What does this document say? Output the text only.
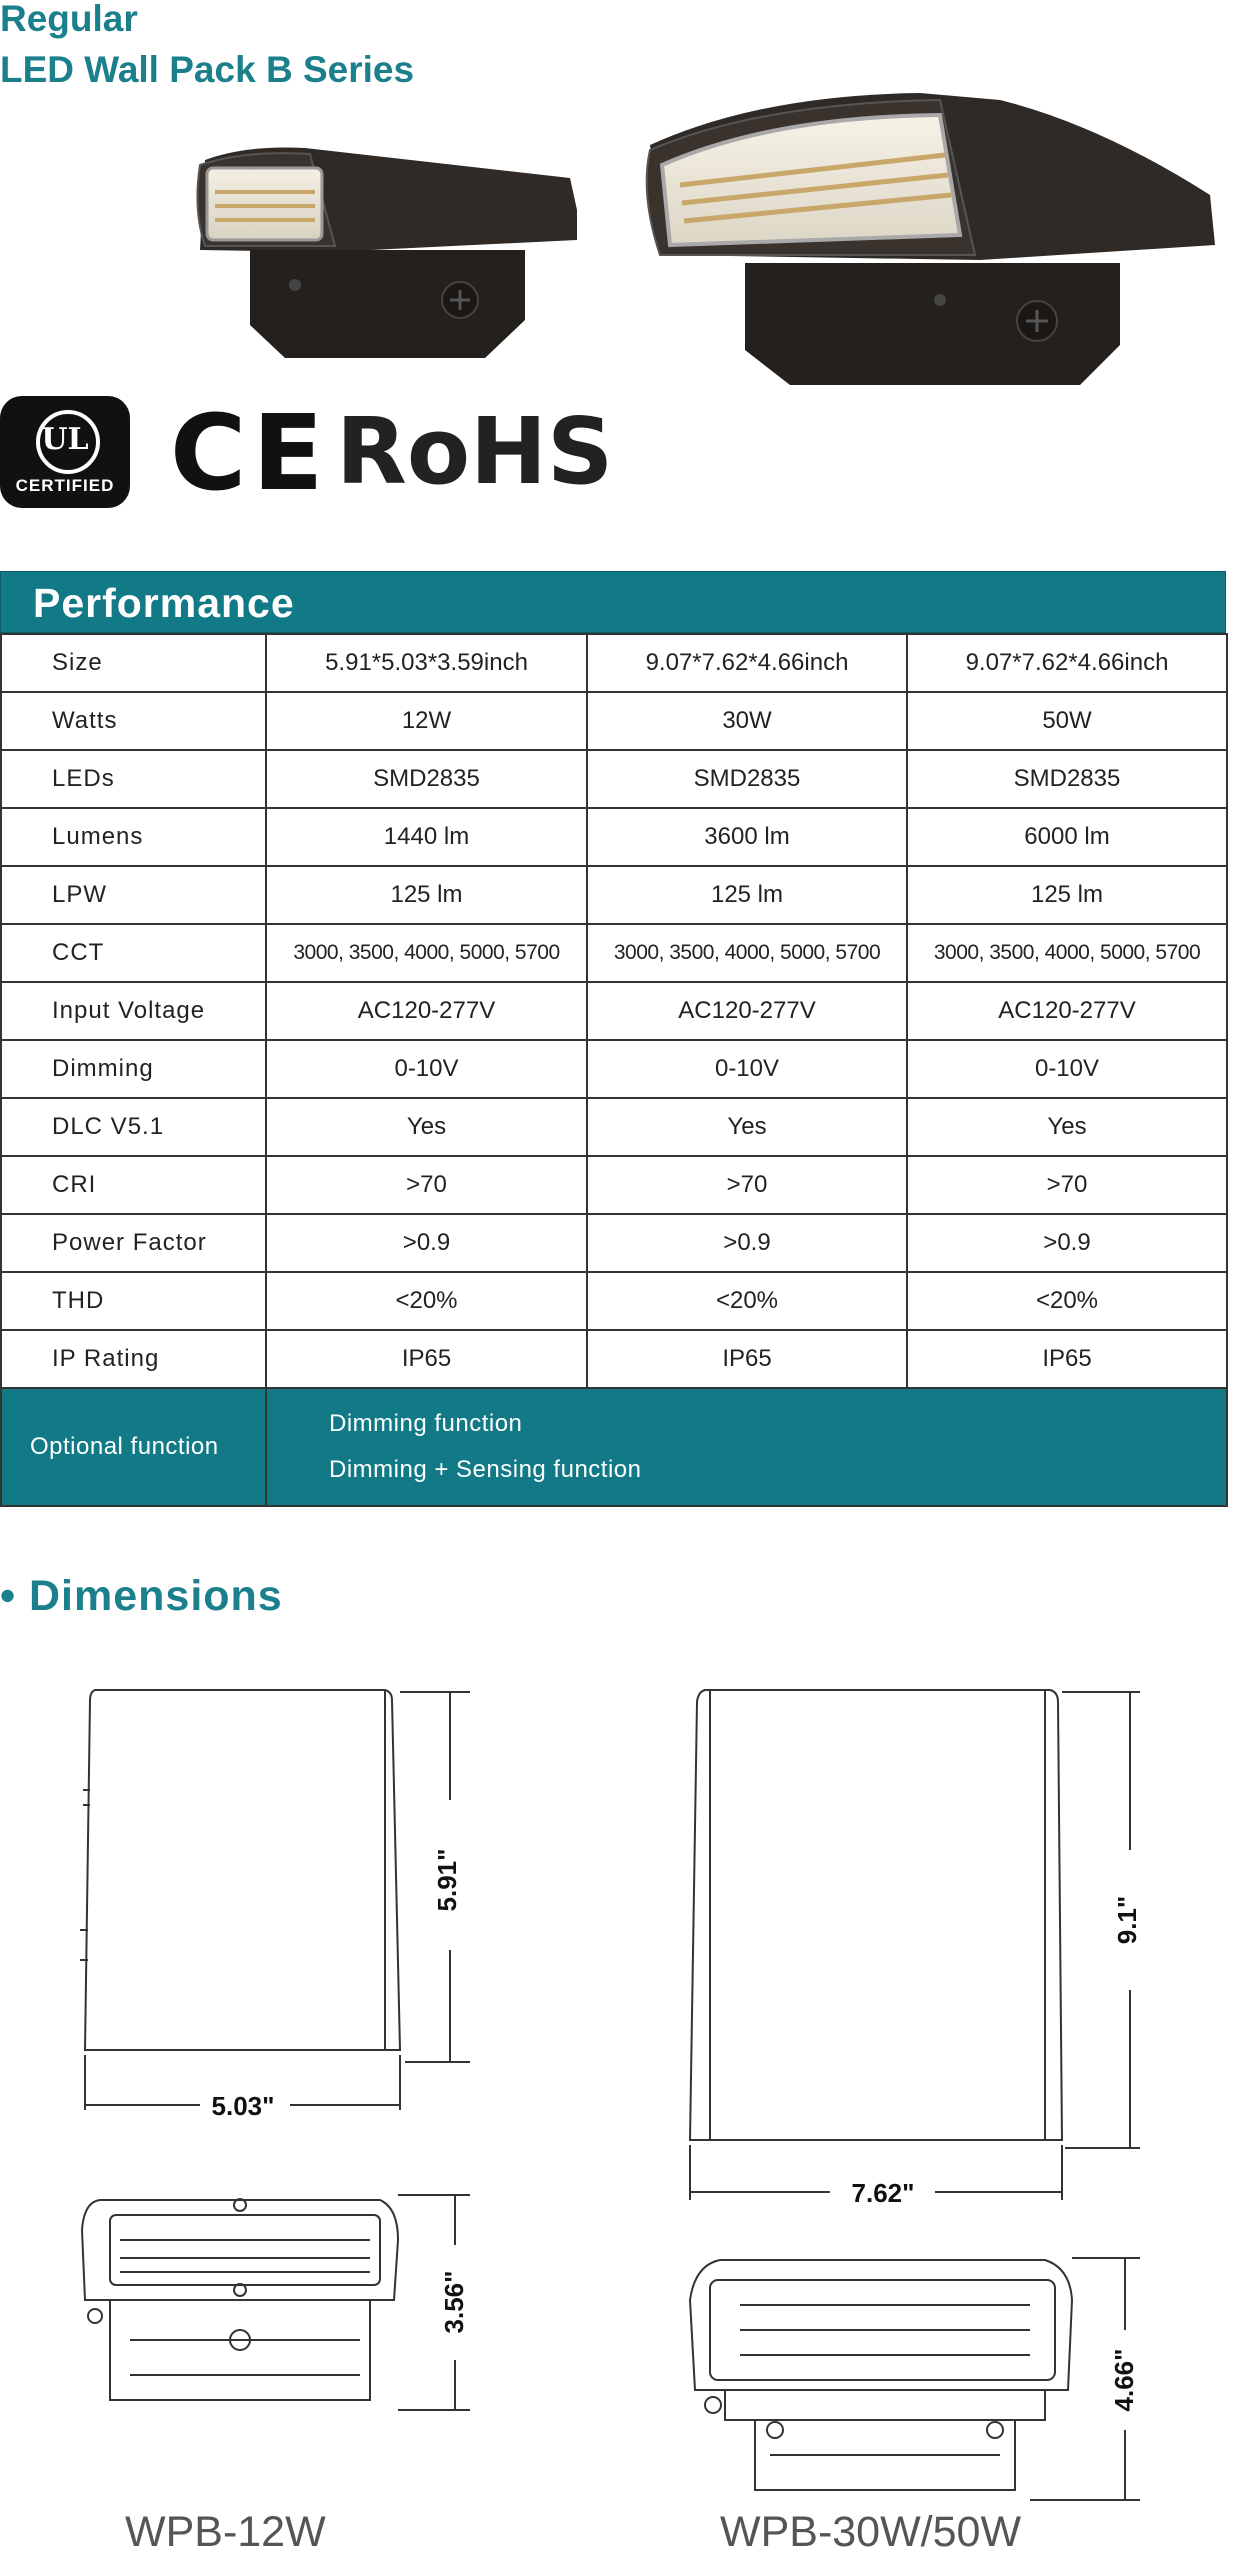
Regular
LED Wall Pack B Series
UL
CERTIFIED CE RoHS
Performance
Size	5.91*5.03*3.59inch	9.07*7.62*4.66inch	9.07*7.62*4.66inch
Watts	12W	30W	50W
LEDs	SMD2835	SMD2835	SMD2835
Lumens	1440 lm	3600 lm	6000 lm
LPW	125 lm	125 lm	125 lm
CCT	3000, 3500, 4000, 5000, 5700	3000, 3500, 4000, 5000, 5700	3000, 3500, 4000, 5000, 5700
Input Voltage	AC120-277V	AC120-277V	AC120-277V
Dimming	0-10V	0-10V	0-10V
DLC V5.1	Yes	Yes	Yes
CRI	>70	>70	>70
Power Factor	>0.9	>0.9	>0.9
THD	<20%	<20%	<20%
IP Rating	IP65	IP65	IP65
Optional function	Dimming function
Dimming + Sensing function		
• Dimensions
5.91"
5.03"
3.56"
9.1"
7.62"
4.66"
WPB-12W	WPB-30W/50W
